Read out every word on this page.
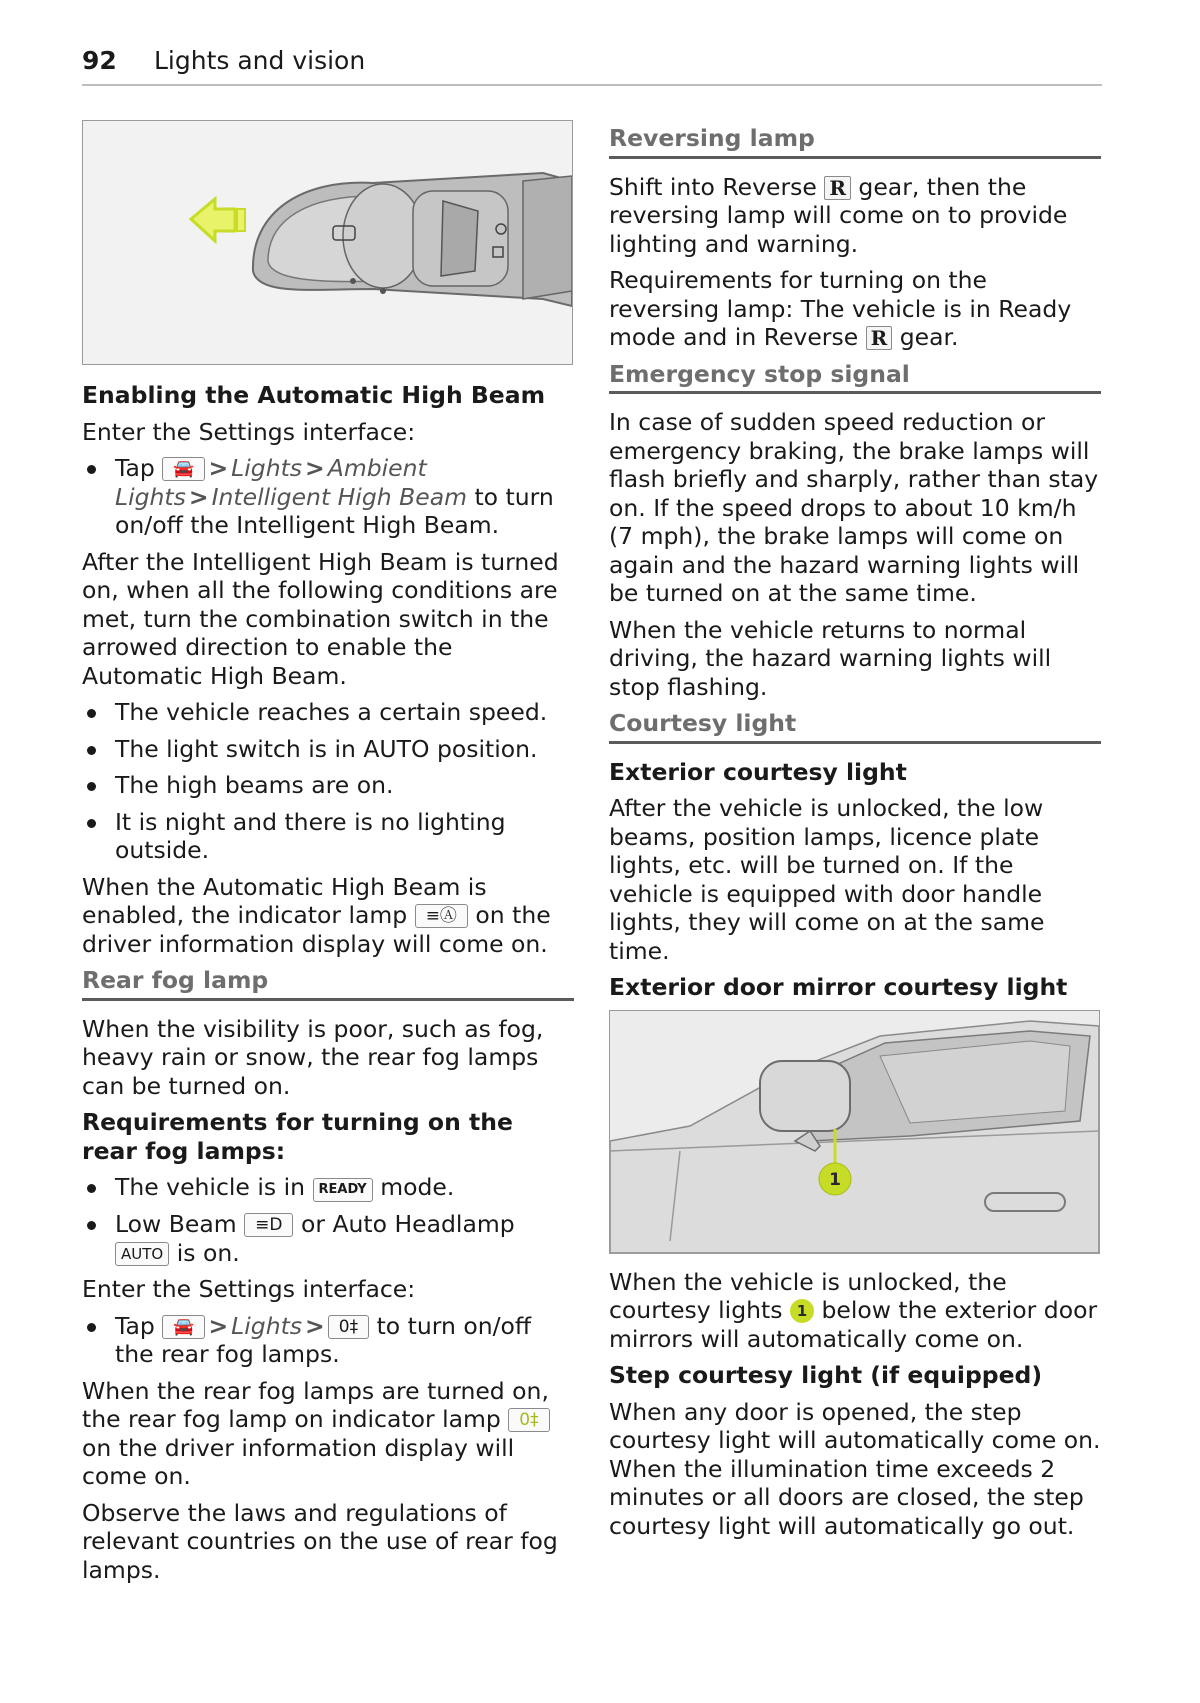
92 Lights and vision
Enabling the Automatic High Beam
Enter the Settings interface:
Tap 🚘 > Lights > Ambient Lights > Intelligent High Beam to turn on/off the Intelligent High Beam.
After the Intelligent High Beam is turned on, when all the following conditions are met, turn the combination switch in the arrowed direction to enable the Automatic High Beam.
The vehicle reaches a certain speed.
The light switch is in AUTO position.
The high beams are on.
It is night and there is no lighting outside.
When the Automatic High Beam is enabled, the indicator lamp ≡Ⓐ on the driver information display will come on.
Rear fog lamp
When the visibility is poor, such as fog, heavy rain or snow, the rear fog lamps can be turned on.
Requirements for turning on the rear fog lamps:
The vehicle is in READY mode.
Low Beam ≡D or Auto Headlamp AUTO is on.
Enter the Settings interface:
Tap 🚘 > Lights > 0‡ to turn on/off the rear fog lamps.
When the rear fog lamps are turned on, the rear fog lamp on indicator lamp 0‡ on the driver information display will come on.
Observe the laws and regulations of relevant countries on the use of rear fog lamps.
Reversing lamp
Shift into Reverse R gear, then the reversing lamp will come on to provide lighting and warning.
Requirements for turning on the reversing lamp: The vehicle is in Ready mode and in Reverse R gear.
Emergency stop signal
In case of sudden speed reduction or emergency braking, the brake lamps will flash briefly and sharply, rather than stay on. If the speed drops to about 10 km/h (7 mph), the brake lamps will come on again and the hazard warning lights will be turned on at the same time.
When the vehicle returns to normal driving, the hazard warning lights will stop flashing.
Courtesy light
Exterior courtesy light
After the vehicle is unlocked, the low beams, position lamps, licence plate lights, etc. will be turned on. If the vehicle is equipped with door handle lights, they will come on at the same time.
Exterior door mirror courtesy light
1
When the vehicle is unlocked, the courtesy lights 1 below the exterior door mirrors will automatically come on.
Step courtesy light (if equipped)
When any door is opened, the step courtesy light will automatically come on. When the illumination time exceeds 2 minutes or all doors are closed, the step courtesy light will automatically go out.
